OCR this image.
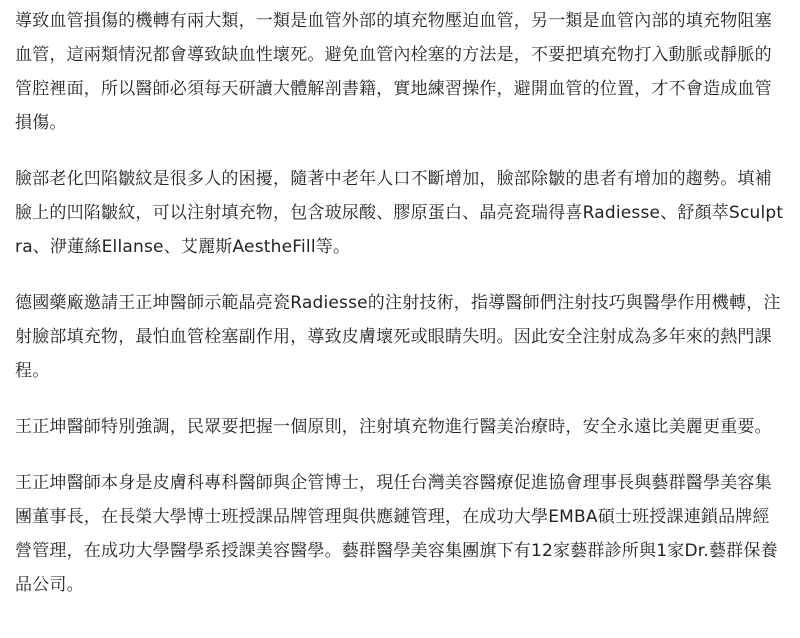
導致血管損傷的機轉有兩大類，一類是血管外部的填充物壓迫血管，另一類是血管內部的填充物阻塞血管，這兩類情況都會導致缺血性壞死。避免血管內栓塞的方法是，不要把填充物打入動脈或靜脈的管腔裡面，所以醫師必須每天研讀大體解剖書籍，實地練習操作，避開血管的位置，才不會造成血管損傷。

臉部老化凹陷皺紋是很多人的困擾，隨著中老年人口不斷增加，臉部除皺的患者有增加的趨勢。填補臉上的凹陷皺紋，可以注射填充物，包含玻尿酸、膠原蛋白、晶亮瓷瑞得喜Radiesse、舒顏萃Sculptra、洢蓮絲Ellanse、艾麗斯AestheFill等。

德國藥廠邀請王正坤醫師示範晶亮瓷Radiesse的注射技術，指導醫師們注射技巧與醫學作用機轉，注射臉部填充物，最怕血管栓塞副作用，導致皮膚壞死或眼睛失明。因此安全注射成為多年來的熱門課程。

王正坤醫師特別強調，民眾要把握一個原則，注射填充物進行醫美治療時，安全永遠比美麗更重要。

王正坤醫師本身是皮膚科專科醫師與企管博士，現任台灣美容醫療促進協會理事長與藝群醫學美容集團董事長，在長榮大學博士班授課品牌管理與供應鏈管理，在成功大學EMBA碩士班授課連鎖品牌經營管理，在成功大學醫學系授課美容醫學。藝群醫學美容集團旗下有12家藝群診所與1家Dr.藝群保養品公司。
